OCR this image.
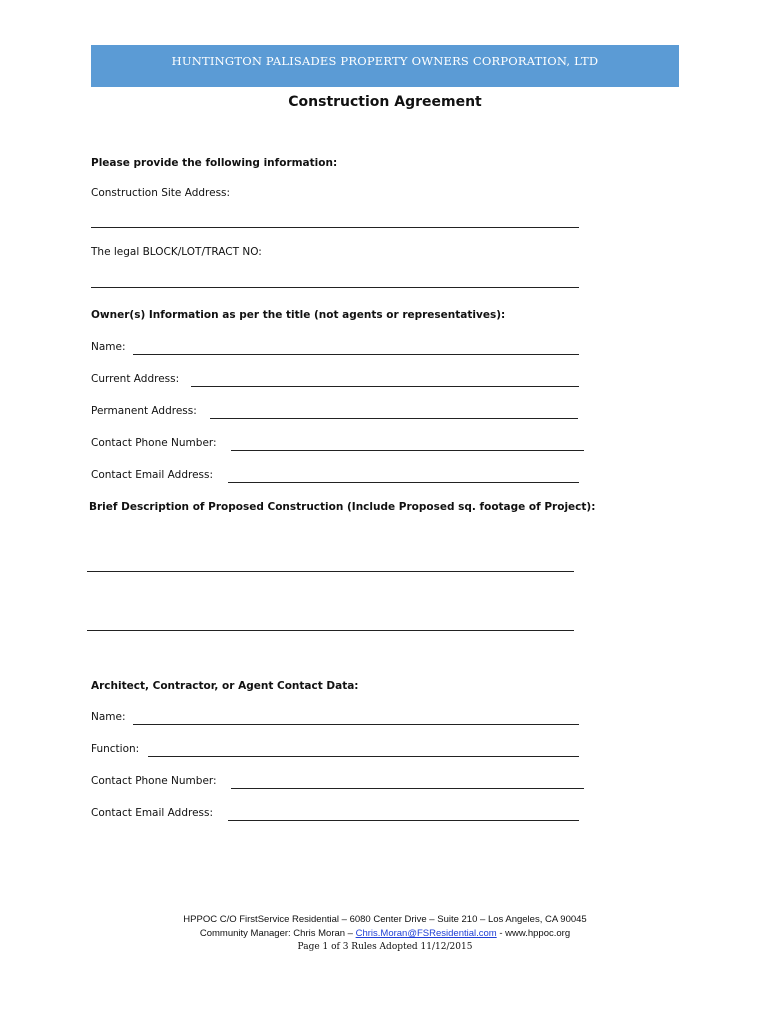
HUNTINGTON PALISADES PROPERTY OWNERS CORPORATION, LTD
Construction Agreement
Please provide the following information:
Construction Site Address:
The legal BLOCK/LOT/TRACT NO:
Owner(s) Information as per the title (not agents or representatives):
Name:
Current Address:
Permanent Address:
Contact Phone Number:
Contact Email Address:
Brief Description of Proposed Construction (Include Proposed sq. footage of Project):
Architect, Contractor, or Agent Contact Data:
Name:
Function:
Contact Phone Number:
Contact Email Address:
HPPOC C/O FirstService Residential – 6080 Center Drive – Suite 210 – Los Angeles, CA 90045
Community Manager: Chris Moran – Chris.Moran@FSResidential.com - www.hppoc.org
Page 1 of 3 Rules Adopted 11/12/2015
